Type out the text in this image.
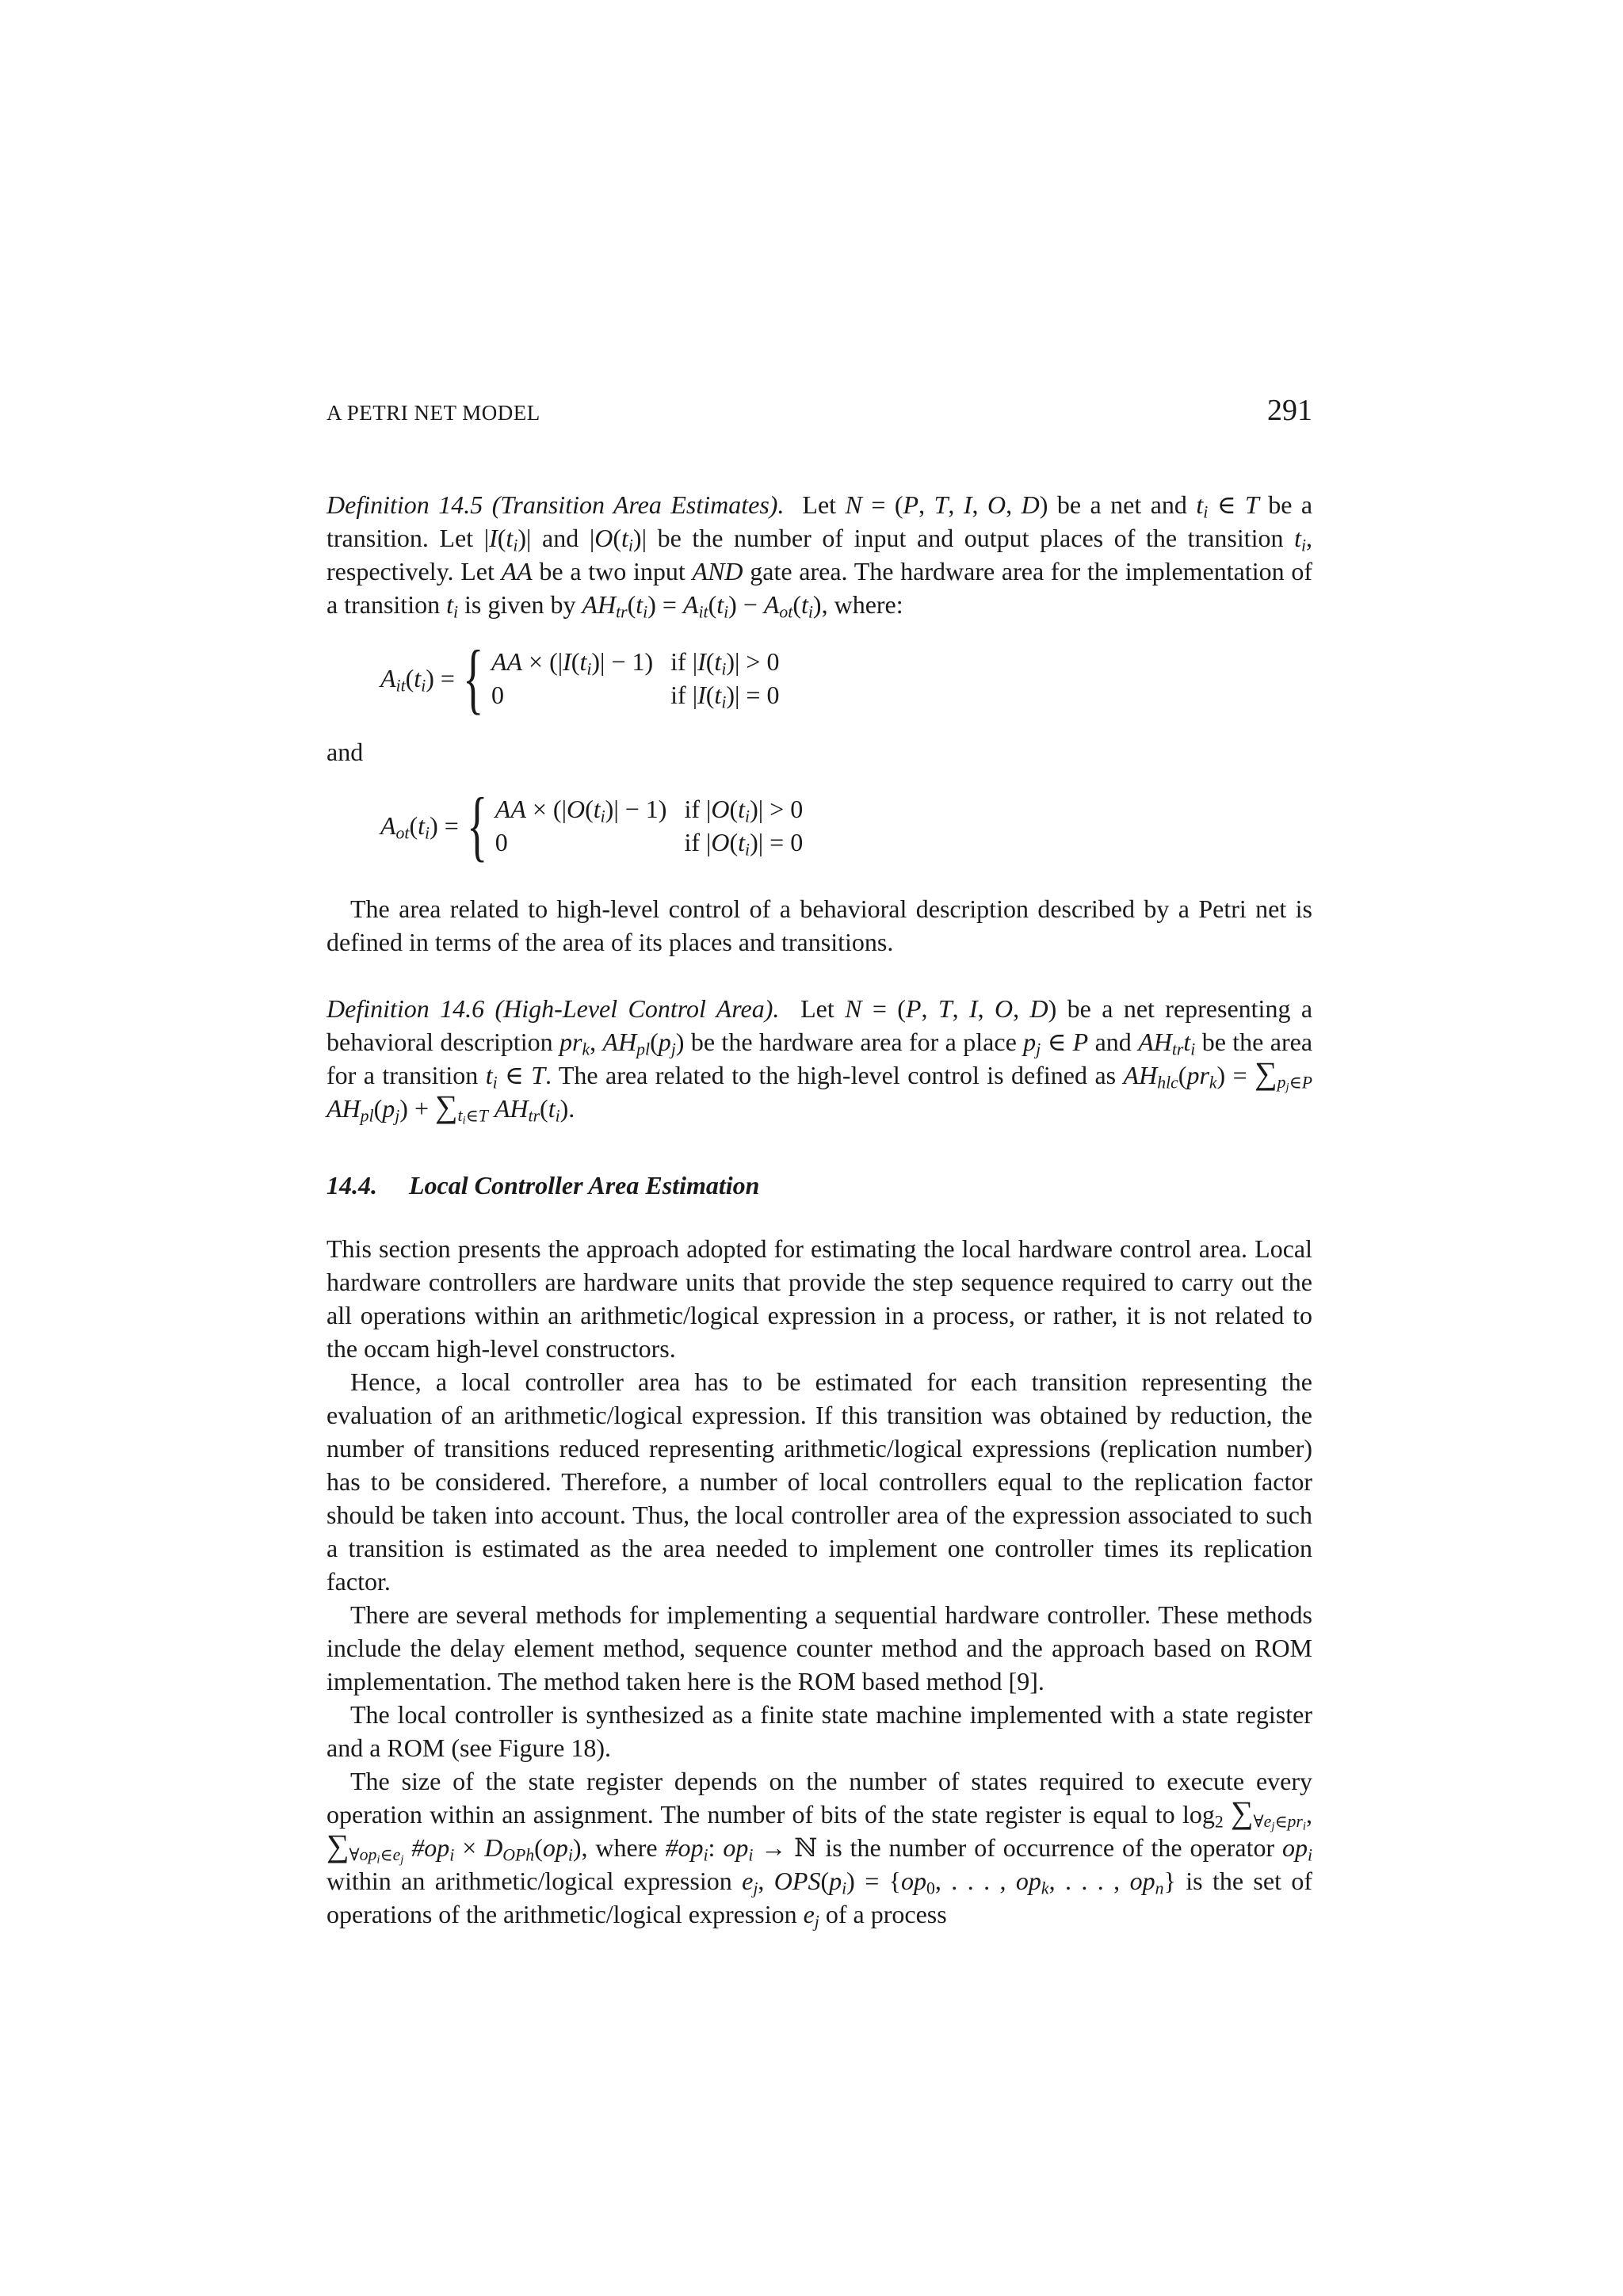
A PETRI NET MODEL	291

Definition 14.5 (Transition Area Estimates). Let N = (P, T, I, O, D) be a net and $t_i$ ∈ T be a transition. Let $|I(t_i)|$ and $|O(t_i)|$ be the number of input and output places of the transition $t_i$, respectively. Let AA be a two input AND gate area. The hardware area for the implementation of a transition $t_i$ is given by $AH_{tr}(t_i) = A_{it}(t_i) - A_{ot}(t_i)$, where:

$A_{it}(t_i)$ = { AA × $(|I(t_i)| - 1)$ if $|I(t_i)| > 0$
0	if $|I(t_i)| = 0$

and

$A_{ot}(t_i)$ = { AA × $(|O(t_i)| - 1)$ if $|O(t_i)| > 0$
0	if $|O(t_i)| = 0$

The area related to high-level control of a behavioral description described by a Petri net is defined in terms of the area of its places and transitions.

Definition 14.6 (High-Level Control Area). Let N = (P, T, I, O, D) be a net representing a behavioral description $pr_k$, $AH_{pl}(p_j)$ be the hardware area for a place $p_j$ ∈ P and $AH_{tr}t_i$ be the area for a transition $t_i$ ∈ T. The area related to the high-level control is defined as $AH_{hlc}(pr_k) = \sum_{p_j\in P}$ $AH_{pl}(p_j) + \sum_{t_i\in T}$ $AH_{tr}(t_i)$.

14.4. Local Controller Area Estimation

This section presents the approach adopted for estimating the local hardware control area. Local hardware controllers are hardware units that provide the step sequence required to carry out the all operations within an arithmetic/logical expression in a process, or rather, it is not related to the occam high-level constructors.

Hence, a local controller area has to be estimated for each transition representing the evaluation of an arithmetic/logical expression. If this transition was obtained by reduction, the number of transitions reduced representing arithmetic/logical expressions (replication number) has to be considered. Therefore, a number of local controllers equal to the replication factor should be taken into account. Thus, the local controller area of the expression associated to such a transition is estimated as the area needed to implement one controller times its replication factor.

There are several methods for implementing a sequential hardware controller. These methods include the delay element method, sequence counter method and the approach based on ROM implementation. The method taken here is the ROM based method [9].

The local controller is synthesized as a finite state machine implemented with a state register and a ROM (see Figure 18).

The size of the state register depends on the number of states required to execute every operation within an assignment. The number of bits of the state register is equal to $\log_2 \sum_{\forall e_j\in pr_i}$, $\sum_{\forall op_i\in e_j}$ $\#op_i \times D_{OPh}(op_i)$, where $\#op_i$: $op_i$ → ℕ is the number of occurrence of the operator $op_i$ within an arithmetic/logical expression $e_j$, $OPS(p_i) = \{op_0$, . . . , $op_k$, . . . , $op_n$} is the set of operations of the arithmetic/logical expression $e_j$ of a process
